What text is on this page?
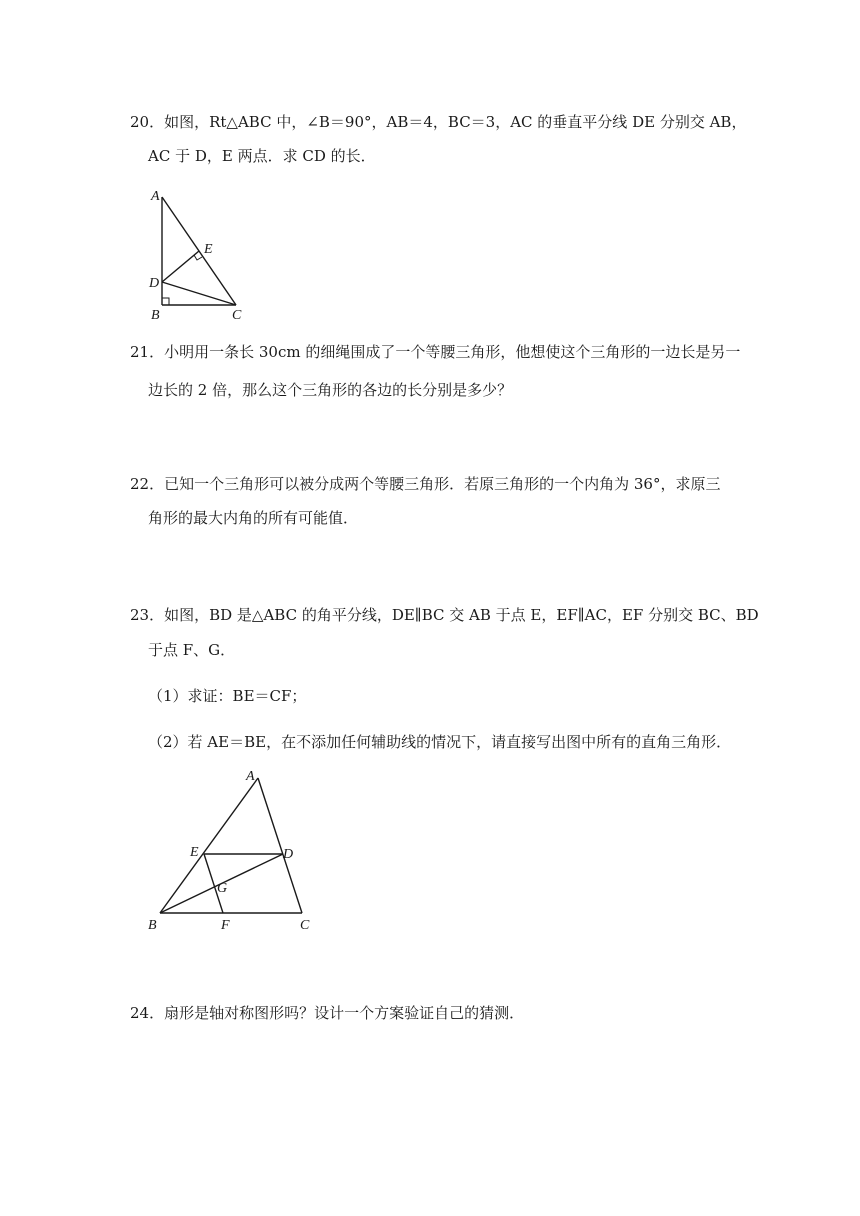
20．如图，Rt△ABC 中，∠B＝90°，AB＝4，BC＝3，AC 的垂直平分线 DE 分别交 AB，
AC 于 D，E 两点．求 CD 的长．
A
E
D
B	C
21．小明用一条长 30cm 的细绳围成了一个等腰三角形，他想使这个三角形的一边长是另一
边长的 2 倍，那么这个三角形的各边的长分别是多少？
22．已知一个三角形可以被分成两个等腰三角形．若原三角形的一个内角为 36°，求原三
角形的最大内角的所有可能值．
23．如图，BD 是△ABC 的角平分线，DE∥BC 交 AB 于点 E，EF∥AC，EF 分别交 BC、BD
于点 F、G．
（1）求证：BE＝CF；
（2）若 AE＝BE，在不添加任何辅助线的情况下，请直接写出图中所有的直角三角形．
A
E	D
G
B	F	C
24．扇形是轴对称图形吗？设计一个方案验证自己的猜测．
